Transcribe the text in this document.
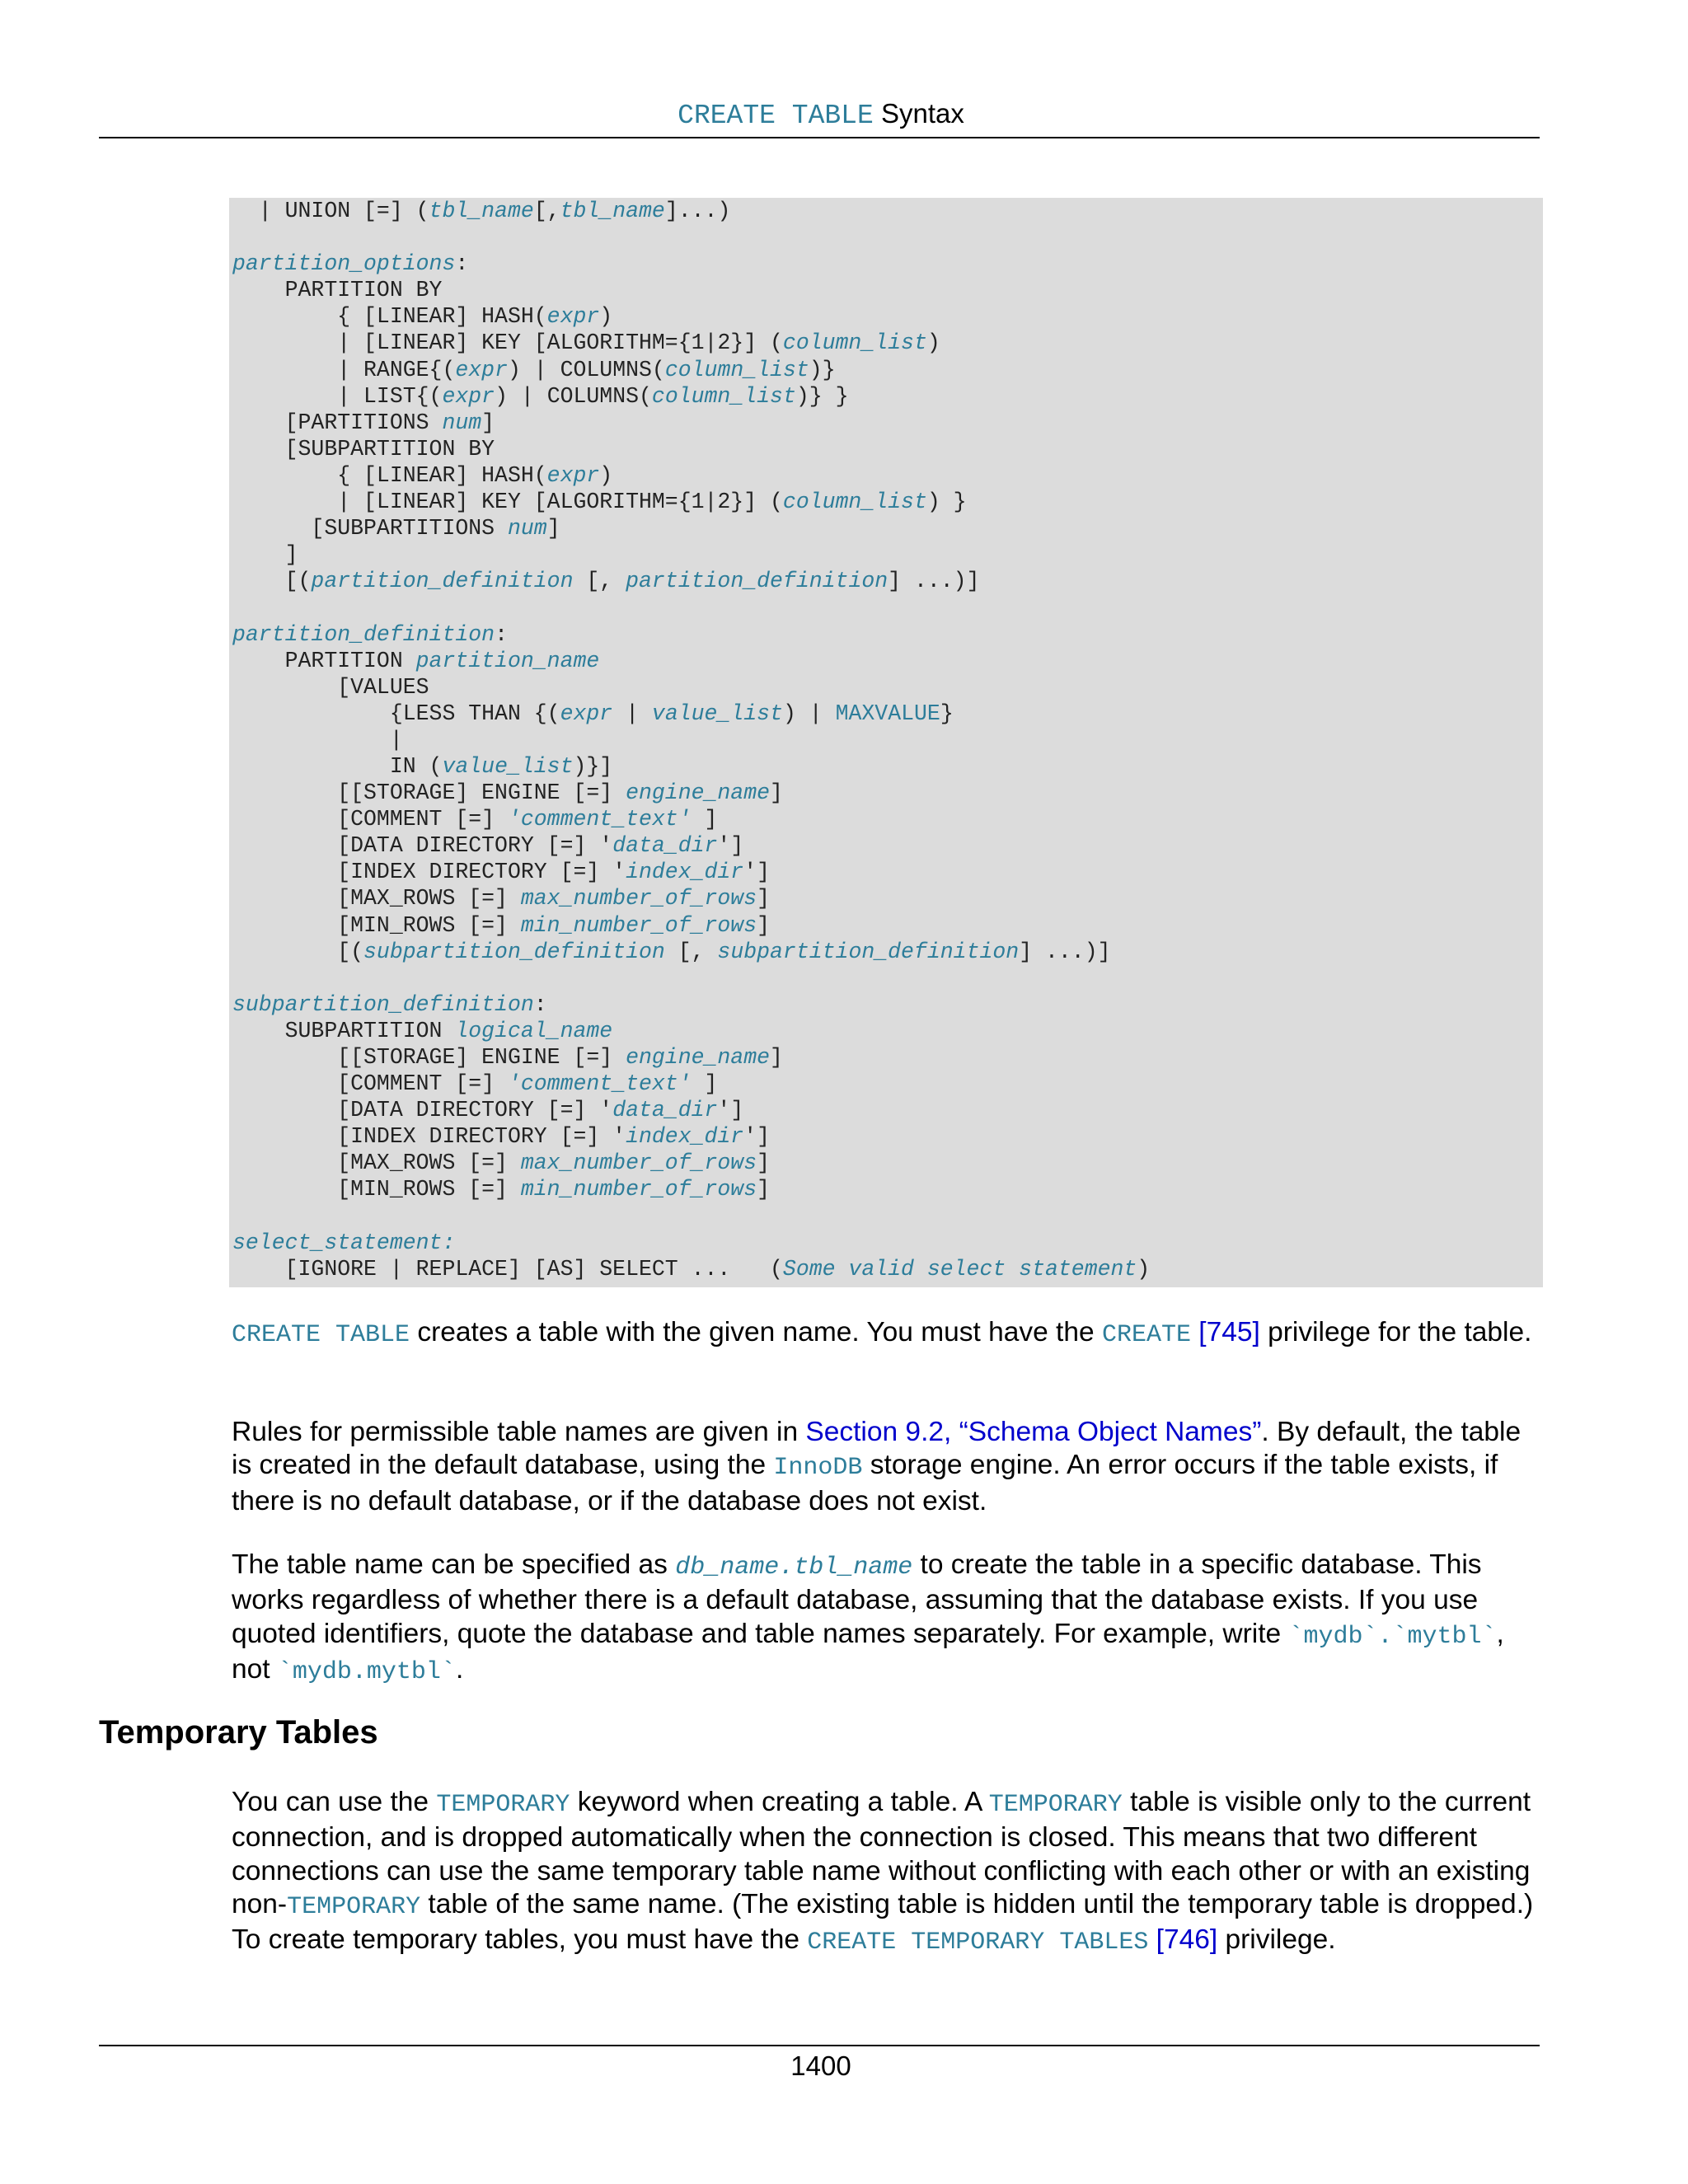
CREATE TABLE Syntax
| UNION [=] (tbl_name[,tbl_name]...)

partition_options:
PARTITION BY
{ [LINEAR] HASH(expr)
| [LINEAR] KEY [ALGORITHM={1|2}] (column_list)
| RANGE{(expr) | COLUMNS(column_list)}
| LIST{(expr) | COLUMNS(column_list)} }
[PARTITIONS num]
[SUBPARTITION BY
{ [LINEAR] HASH(expr)
| [LINEAR] KEY [ALGORITHM={1|2}] (column_list) }
[SUBPARTITIONS num]
]
[(partition_definition [, partition_definition] ...)]

partition_definition:
PARTITION partition_name
[VALUES
{LESS THAN {(expr | value_list) | MAXVALUE}
|
IN (value_list)}]
[[STORAGE] ENGINE [=] engine_name]
[COMMENT [=] 'comment_text' ]
[DATA DIRECTORY [=] 'data_dir']
[INDEX DIRECTORY [=] 'index_dir']
[MAX_ROWS [=] max_number_of_rows]
[MIN_ROWS [=] min_number_of_rows]
[(subpartition_definition [, subpartition_definition] ...)]

subpartition_definition:
SUBPARTITION logical_name
[[STORAGE] ENGINE [=] engine_name]
[COMMENT [=] 'comment_text' ]
[DATA DIRECTORY [=] 'data_dir']
[INDEX DIRECTORY [=] 'index_dir']
[MAX_ROWS [=] max_number_of_rows]
[MIN_ROWS [=] min_number_of_rows]

select_statement:
[IGNORE | REPLACE] [AS] SELECT ...   (Some valid select statement)

CREATE TABLE creates a table with the given name. You must have the CREATE [745] privilege for the table.

Rules for permissible table names are given in Section 9.2, “Schema Object Names”. By default, the table is created in the default database, using the InnoDB storage engine. An error occurs if the table exists, if there is no default database, or if the database does not exist.

The table name can be specified as db_name.tbl_name to create the table in a specific database. This works regardless of whether there is a default database, assuming that the database exists. If you use quoted identifiers, quote the database and table names separately. For example, write `mydb`.`mytbl`, not `mydb.mytbl`.

Temporary Tables

You can use the TEMPORARY keyword when creating a table. A TEMPORARY table is visible only to the current connection, and is dropped automatically when the connection is closed. This means that two different connections can use the same temporary table name without conflicting with each other or with an existing non-TEMPORARY table of the same name. (The existing table is hidden until the temporary table is dropped.) To create temporary tables, you must have the CREATE TEMPORARY TABLES [746] privilege.

1400
